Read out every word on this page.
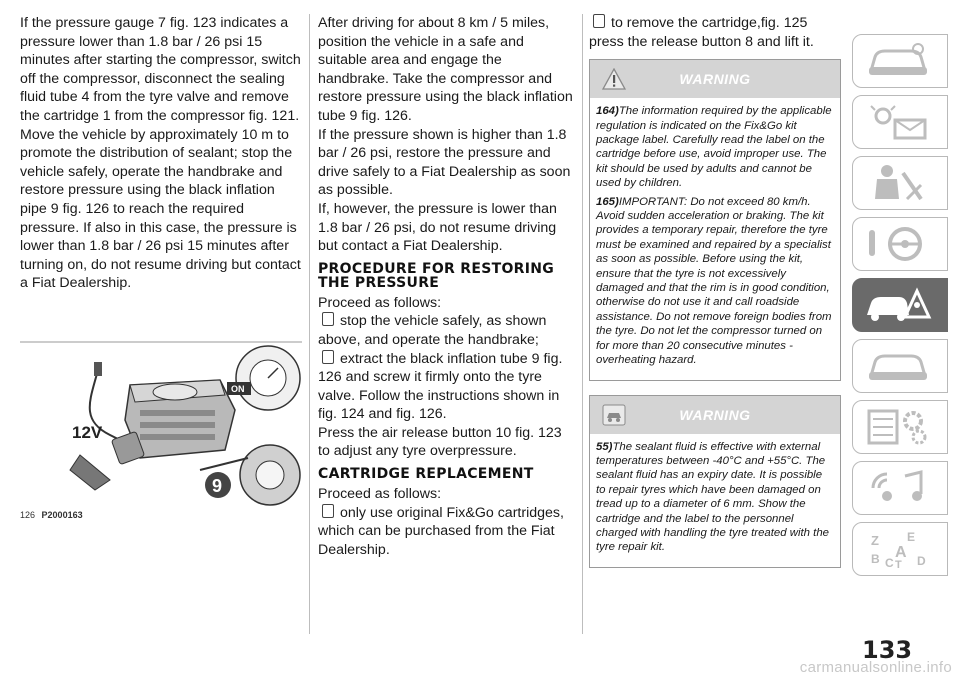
If the pressure gauge 7 fig. 123 indicates a pressure lower than 1.8 bar / 26 psi 15 minutes after starting the compressor, switch off the compressor, disconnect the sealing fluid tube 4 from the tyre valve and remove the cartridge 1 from the compressor fig. 121. Move the vehicle by approximately 10 m to promote the distribution of sealant; stop the vehicle safely, operate the handbrake and restore pressure using the black inflation pipe 9 fig. 126 to reach the required pressure. If also in this case, the pressure is lower than 1.8 bar / 26 psi 15 minutes after turning on, do not resume driving but contact a Fiat Dealership.

ON
12V
9
126 P2000163

After driving for about 8 km / 5 miles, position the vehicle in a safe and suitable area and engage the handbrake. Take the compressor and restore pressure using the black inflation tube 9 fig. 126.

If the pressure shown is higher than 1.8 bar / 26 psi, restore the pressure and drive safely to a Fiat Dealership as soon as possible.

If, however, the pressure is lower than 1.8 bar / 26 psi, do not resume driving but contact a Fiat Dealership.

PROCEDURE FOR RESTORING THE PRESSURE

Proceed as follows:

stop the vehicle safely, as shown above, and operate the handbrake;

extract the black inflation tube 9 fig. 126 and screw it firmly onto the tyre valve. Follow the instructions shown in fig. 124 and fig. 126.

Press the air release button 10 fig. 123 to adjust any tyre overpressure.

CARTRIDGE REPLACEMENT

Proceed as follows:

only use original Fix&Go cartridges, which can be purchased from the Fiat Dealership.

to remove the cartridge,fig. 125 press the release button 8 and lift it.

WARNING

164)The information required by the applicable regulation is indicated on the Fix&Go kit package label. Carefully read the label on the cartridge before use, avoid improper use. The kit should be used by adults and cannot be used by children.

165)IMPORTANT: Do not exceed 80 km/h. Avoid sudden acceleration or braking. The kit provides a temporary repair, therefore the tyre must be examined and repaired by a specialist as soon as possible. Before using the kit, ensure that the tyre is not excessively damaged and that the rim is in good condition, otherwise do not use it and call roadside assistance. Do not remove foreign bodies from the tyre. Do not let the compressor turned on for more than 20 consecutive minutes - overheating hazard.

WARNING

55)The sealant fluid is effective with external temperatures between -40°C and +55°C. The sealant fluid has an expiry date. It is possible to repair tyres which have been damaged on tread up to a diameter of 6 mm. Show the cartridge and the label to the personnel charged with handling the tyre treated with the tyre repair kit.	Z E
A
B C T D
133
carmanualsonline.info
